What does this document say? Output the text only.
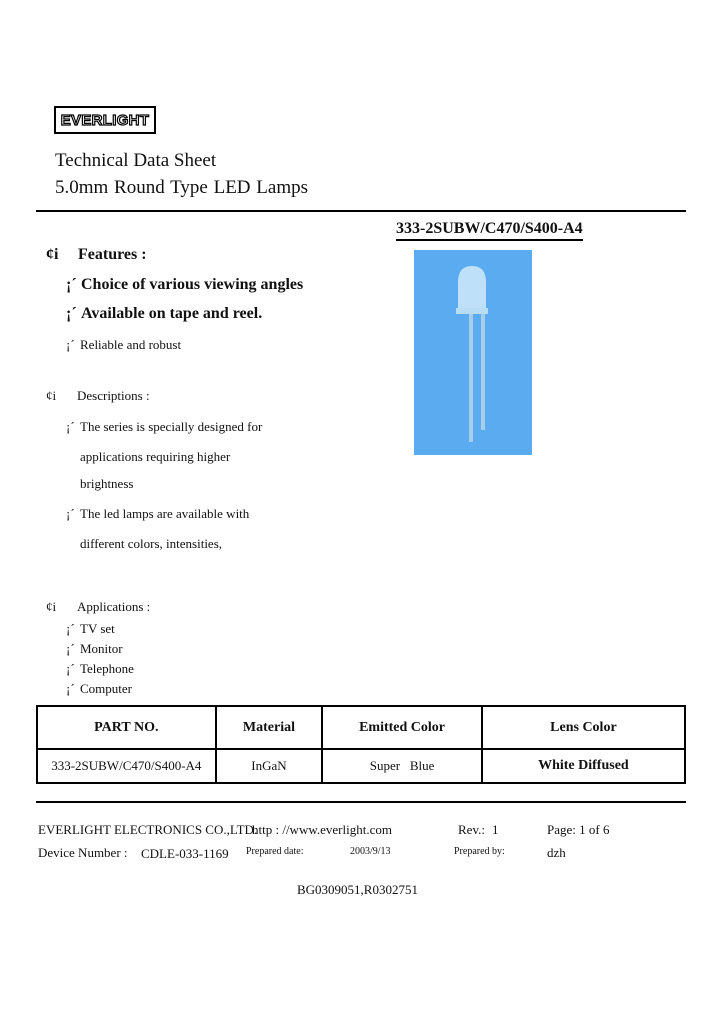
EVERLIGHT
Technical Data Sheet
5.0mm Round Type LED Lamps
333-2SUBW/C470/S400-A4
¢i Features :
¡´ Choice of various viewing angles
¡´ Available on tape and reel.
¡´ Reliable and robust
¢i Descriptions :
¡´ The series is specially designed for
applications requiring higher
brightness
¡´ The led lamps are available with
different colors, intensities,
¢i Applications :
¡´ TV set
¡´ Monitor
¡´ Telephone
¡´ Computer
PART NO.	Material	Emitted Color	Lens Color
333-2SUBW/C470/S400-A4	InGaN	Super   Blue	White Diffused
EVERLIGHT ELECTRONICS CO.,LTD.
http : //www.everlight.com	Rev.: 1	Page: 1 of 6
Device Number : CDLE-033-1169 Prepared date:	2003/9/13	Prepared by:	dzh
BG0309051,R0302751
